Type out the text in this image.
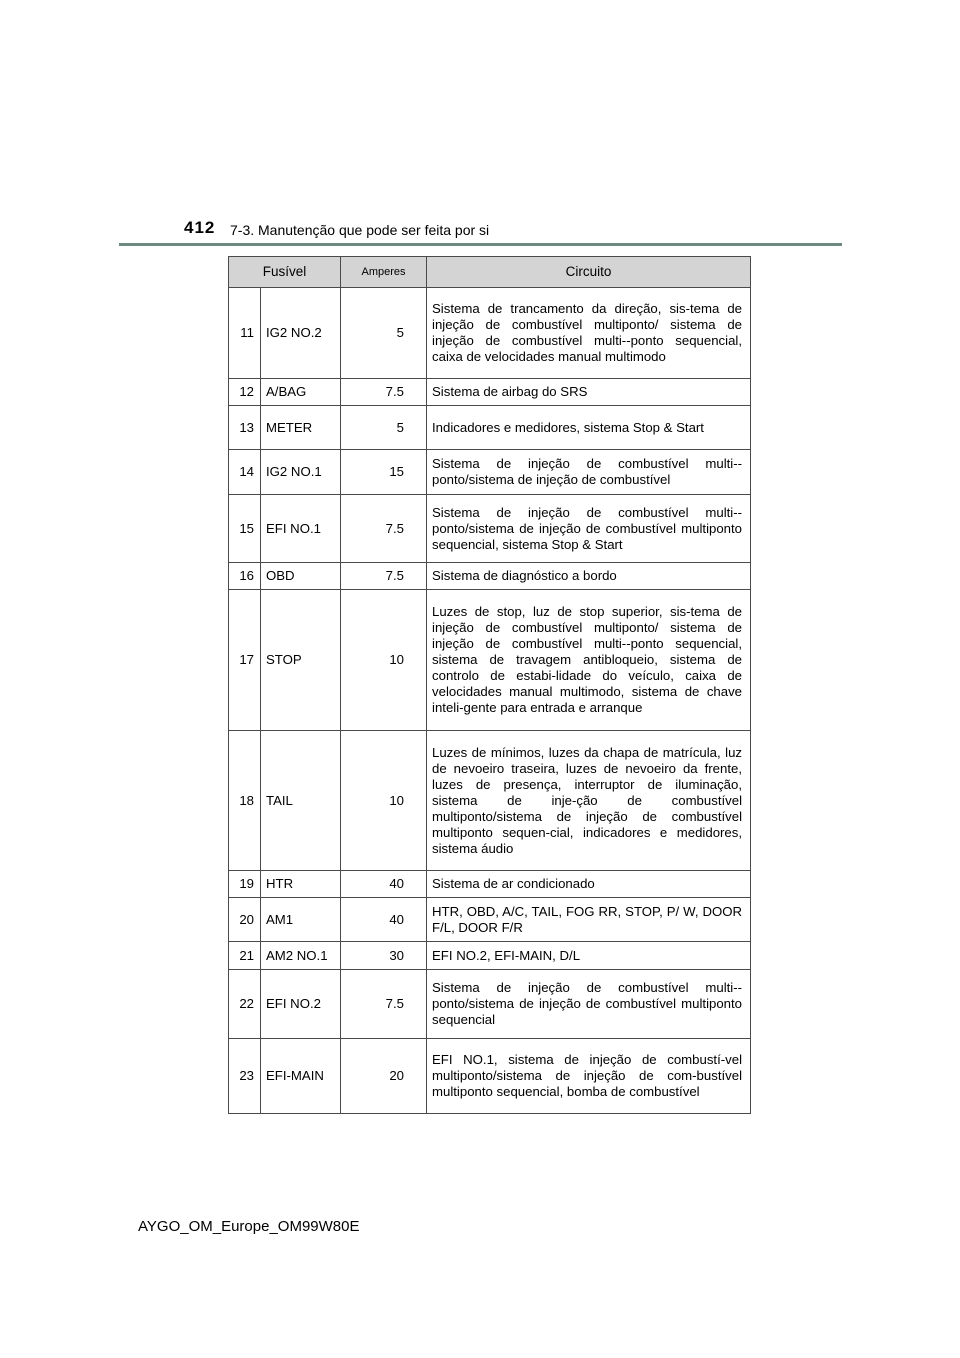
412 7-3. Manutenção que pode ser feita por si
Fusível		Amperes	Circuito
11	IG2 NO.2	5	Sistema de trancamento da direção, sis-tema de injeção de combustível multiponto/ sistema de injeção de combustível multi--ponto sequencial, caixa de velocidades manual multimodo
12	A/BAG	7.5	Sistema de airbag do SRS
13	METER	5	Indicadores e medidores, sistema Stop & Start
14	IG2 NO.1	15	Sistema de injeção de combustível multi--ponto/sistema de injeção de combustível
15	EFI NO.1	7.5	Sistema de injeção de combustível multi--ponto/sistema de injeção de combustível multiponto sequencial, sistema Stop & Start
16	OBD	7.5	Sistema de diagnóstico a bordo
17	STOP	10	Luzes de stop, luz de stop superior, sis-tema de injeção de combustível multiponto/ sistema de injeção de combustível multi--ponto sequencial, sistema de travagem antibloqueio, sistema de controlo de estabi-lidade do veículo, caixa de velocidades manual multimodo, sistema de chave inteli-gente para entrada e arranque
18	TAIL	10	Luzes de mínimos, luzes da chapa de matrícula, luz de nevoeiro traseira, luzes de nevoeiro da frente, luzes de presença, interruptor de iluminação, sistema de inje-ção de combustível multiponto/sistema de injeção de combustível multiponto sequen-cial, indicadores e medidores, sistema áudio
19	HTR	40	Sistema de ar condicionado
20	AM1	40	HTR, OBD, A/C, TAIL, FOG RR, STOP, P/ W, DOOR F/L, DOOR F/R
21	AM2 NO.1	30	EFI NO.2, EFI-MAIN, D/L
22	EFI NO.2	7.5	Sistema de injeção de combustível multi--ponto/sistema de injeção de combustível multiponto sequencial
23	EFI-MAIN	20	EFI NO.1, sistema de injeção de combustí-vel multiponto/sistema de injeção de com-bustível multiponto sequencial, bomba de combustível
AYGO_OM_Europe_OM99W80E
